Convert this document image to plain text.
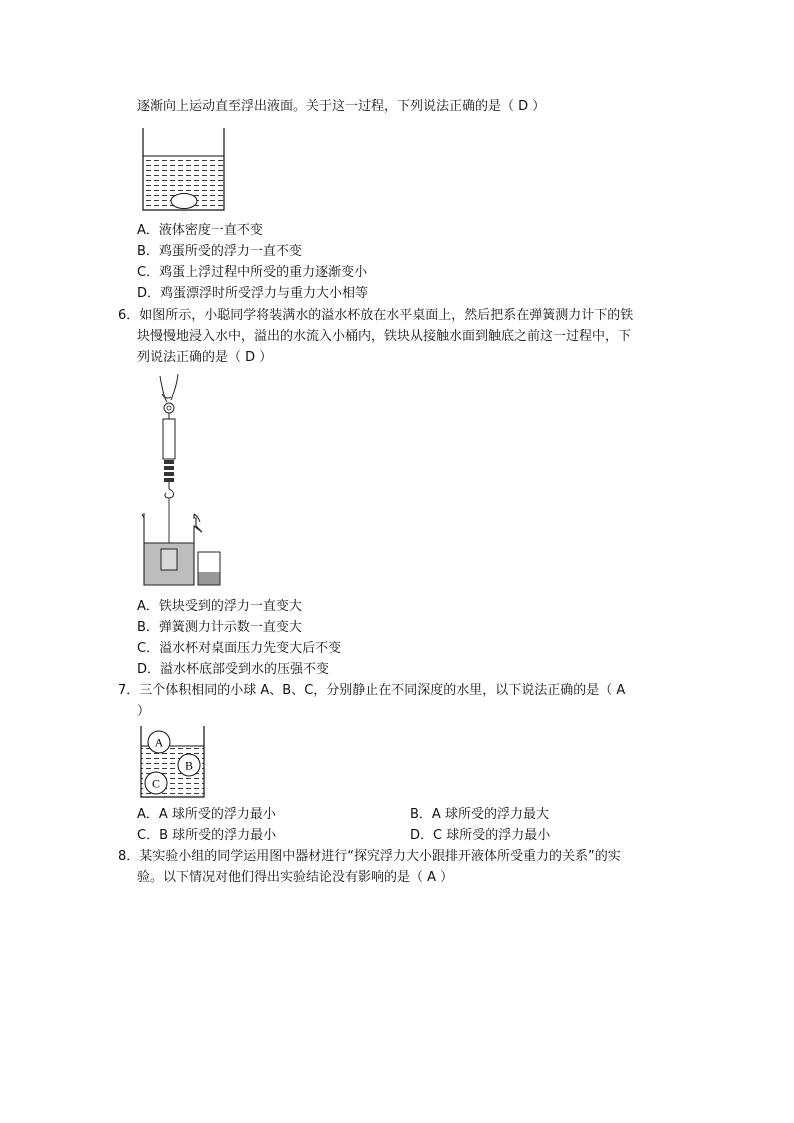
逐渐向上运动直至浮出液面。关于这一过程，下列说法正确的是（ D ）
A．液体密度一直不变
B．鸡蛋所受的浮力一直不变
C．鸡蛋上浮过程中所受的重力逐渐变小
D．鸡蛋漂浮时所受浮力与重力大小相等
6．如图所示，小聪同学将装满水的溢水杯放在水平桌面上，然后把系在弹簧测力计下的铁
块慢慢地浸入水中，溢出的水流入小桶内，铁块从接触水面到触底之前这一过程中，下
列说法正确的是（ D ）
A．铁块受到的浮力一直变大
B．弹簧测力计示数一直变大
C．溢水杯对桌面压力先变大后不变
D．溢水杯底部受到水的压强不变
7．三个体积相同的小球 A、B、C，分别静止在不同深度的水里，以下说法正确的是（ A
）
A
B
C
A．A 球所受的浮力最小	B．A 球所受的浮力最大
C．B 球所受的浮力最小	D．C 球所受的浮力最小
8．某实验小组的同学运用图中器材进行“探究浮力大小跟排开液体所受重力的关系”的实
验。以下情况对他们得出实验结论没有影响的是（ A ）
